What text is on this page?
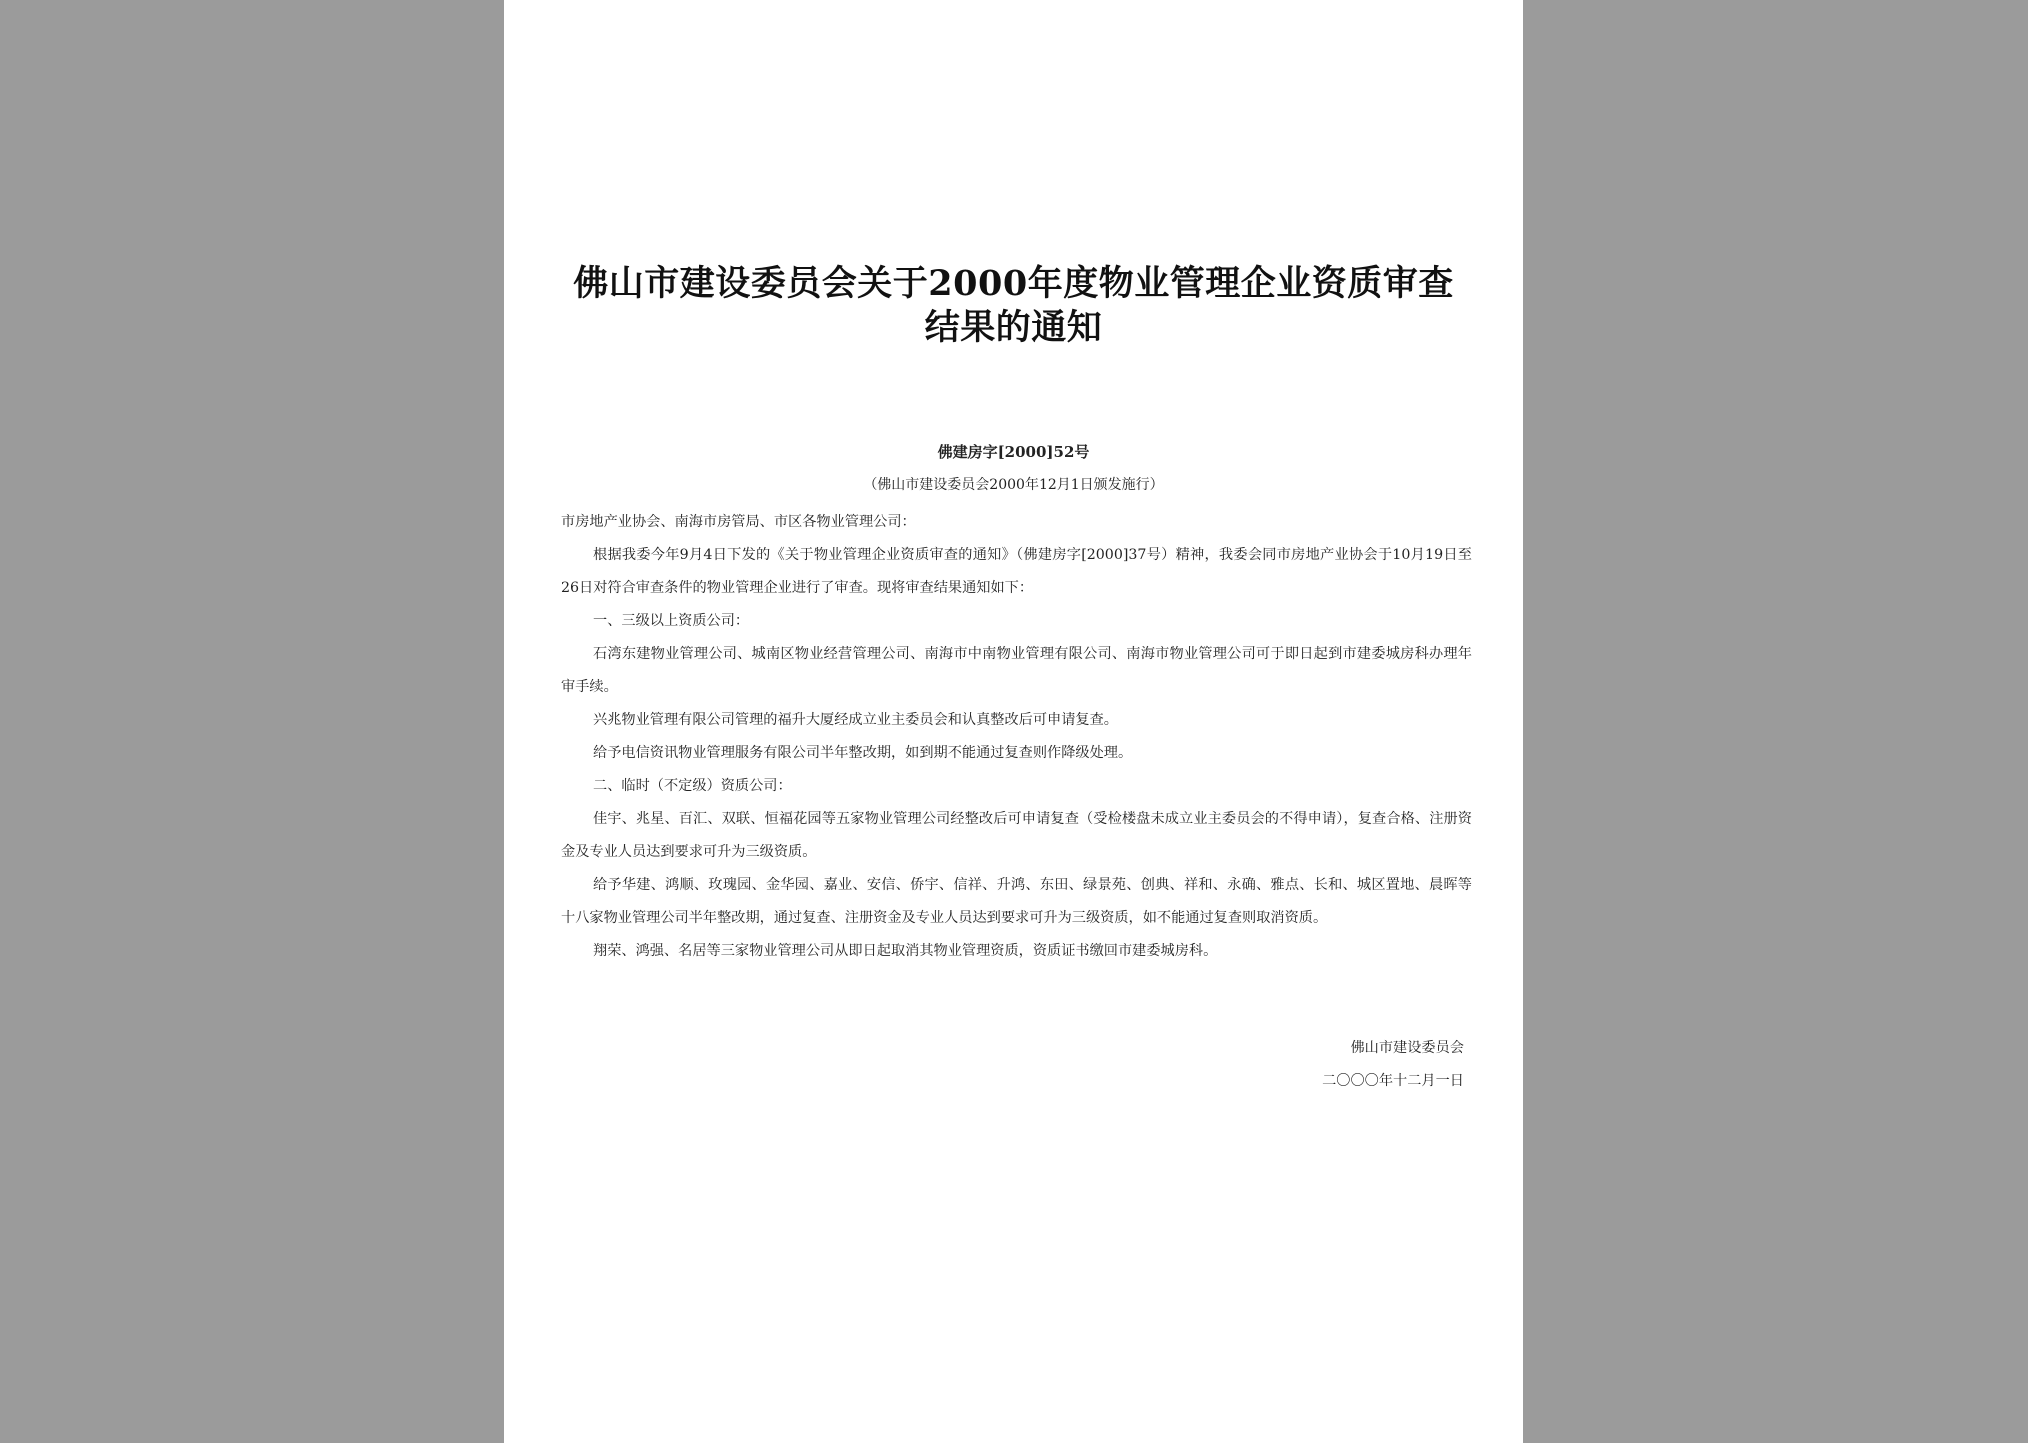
佛山市建设委员会关于2000年度物业管理企业资质审查
结果的通知
佛建房字[2000]52号
（佛山市建设委员会2000年12月1日颁发施行）

市房地产业协会、南海市房管局、市区各物业管理公司：

根据我委今年9月4日下发的《关于物业管理企业资质审查的通知》（佛建房字[2000]37号）精神，我委会同市房地产业协会于10月19日至26日对符合审查条件的物业管理企业进行了审查。现将审查结果通知如下：

一、三级以上资质公司：

石湾东建物业管理公司、城南区物业经营管理公司、南海市中南物业管理有限公司、南海市物业管理公司可于即日起到市建委城房科办理年审手续。

兴兆物业管理有限公司管理的福升大厦经成立业主委员会和认真整改后可申请复查。

给予电信资讯物业管理服务有限公司半年整改期，如到期不能通过复查则作降级处理。

二、临时（不定级）资质公司：

佳宇、兆星、百汇、双联、恒福花园等五家物业管理公司经整改后可申请复查（受检楼盘未成立业主委员会的不得申请），复查合格、注册资金及专业人员达到要求可升为三级资质。

给予华建、鸿顺、玫瑰园、金华园、嘉业、安信、侨宇、信祥、升鸿、东田、绿景苑、创典、祥和、永确、雅点、长和、城区置地、晨晖等十八家物业管理公司半年整改期，通过复查、注册资金及专业人员达到要求可升为三级资质，如不能通过复查则取消资质。

翔荣、鸿强、名居等三家物业管理公司从即日起取消其物业管理资质，资质证书缴回市建委城房科。

佛山市建设委员会
二〇〇〇年十二月一日
